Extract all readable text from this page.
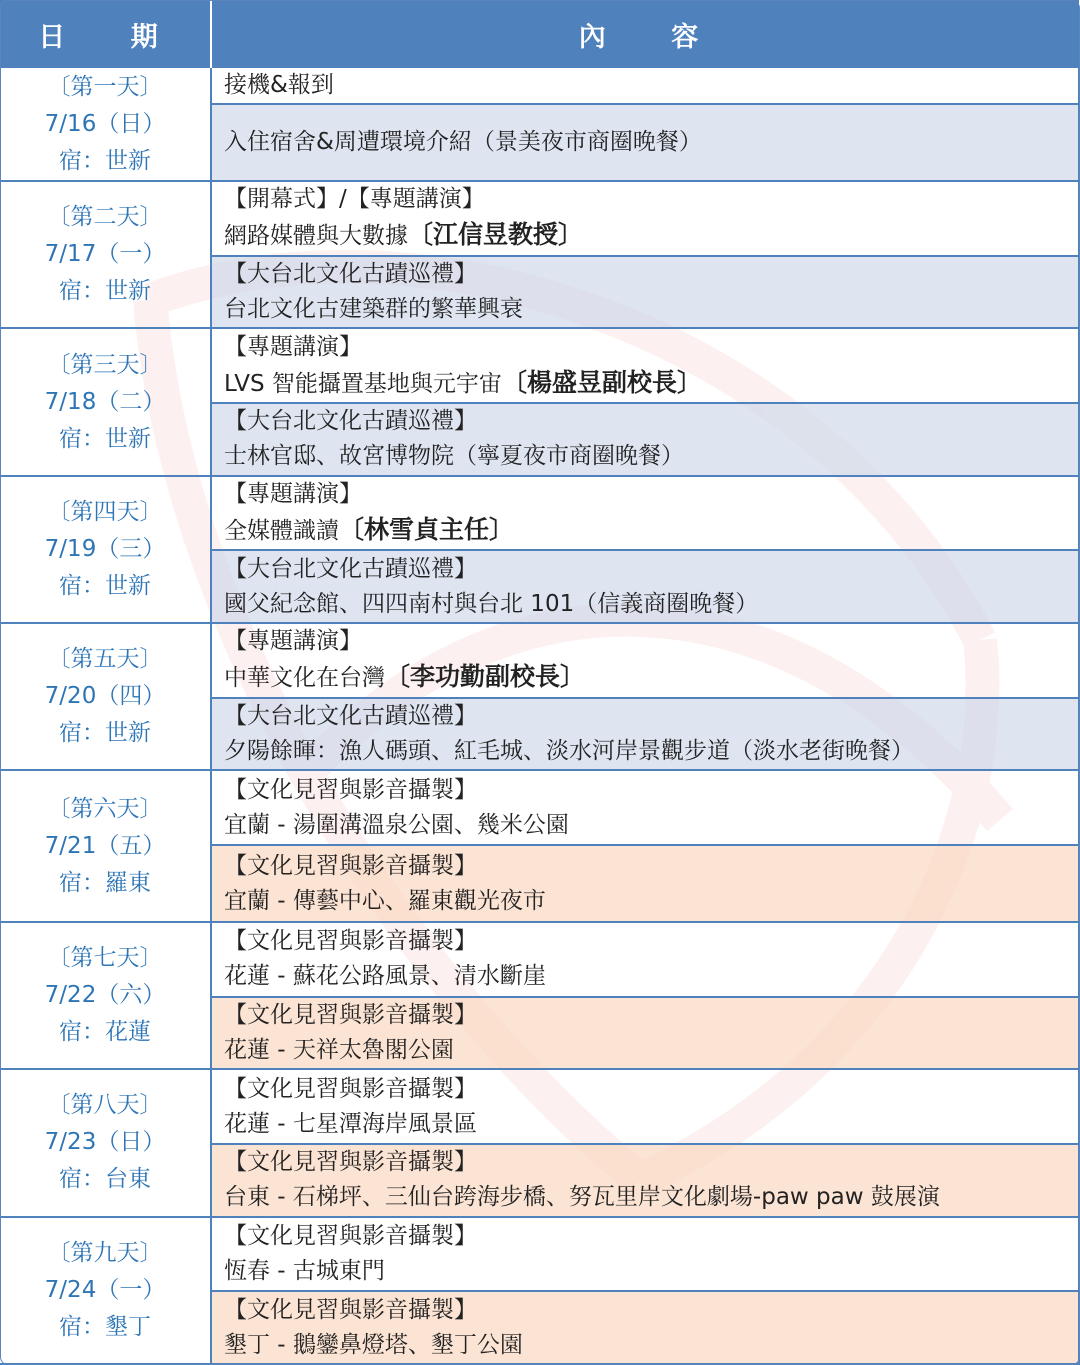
日 期	內 容

〔第一天〕
7/16（日）
宿：世新	接機&報到

	入住宿舍&周遭環境介紹（景美夜市商圈晚餐）

〔第二天〕
7/17（一）
宿：世新	【開幕式】/【專題講演】
網路媒體與大數據〔江信昱教授〕

	【大台北文化古蹟巡禮】
台北文化古建築群的繁華興衰

〔第三天〕
7/18（二）
宿：世新	【專題講演】
LVS 智能攝置基地與元宇宙〔楊盛昱副校長〕

	【大台北文化古蹟巡禮】
士林官邸、故宮博物院（寧夏夜市商圈晚餐）

〔第四天〕
7/19（三）
宿：世新	【專題講演】
全媒體識讀〔林雪貞主任〕

	【大台北文化古蹟巡禮】
國父紀念館、四四南村與台北 101（信義商圈晚餐）

〔第五天〕
7/20（四）
宿：世新	【專題講演】
中華文化在台灣〔李功勤副校長〕

	【大台北文化古蹟巡禮】
夕陽餘暉：漁人碼頭、紅毛城、淡水河岸景觀步道（淡水老街晚餐）

〔第六天〕
7/21（五）
宿：羅東	【文化見習與影音攝製】
宜蘭 - 湯圍溝溫泉公園、幾米公園

	【文化見習與影音攝製】
宜蘭 - 傳藝中心、羅東觀光夜市

〔第七天〕
7/22（六）
宿：花蓮	【文化見習與影音攝製】
花蓮 - 蘇花公路風景、清水斷崖

	【文化見習與影音攝製】
花蓮 - 天祥太魯閣公園

〔第八天〕
7/23（日）
宿：台東	【文化見習與影音攝製】
花蓮 - 七星潭海岸風景區

	【文化見習與影音攝製】
台東 - 石梯坪、三仙台跨海步橋、努瓦里岸文化劇場-paw paw 鼓展演

〔第九天〕
7/24（一）
宿：墾丁	【文化見習與影音攝製】
恆春 - 古城東門

	【文化見習與影音攝製】
墾丁 - 鵝鑾鼻燈塔、墾丁公園
